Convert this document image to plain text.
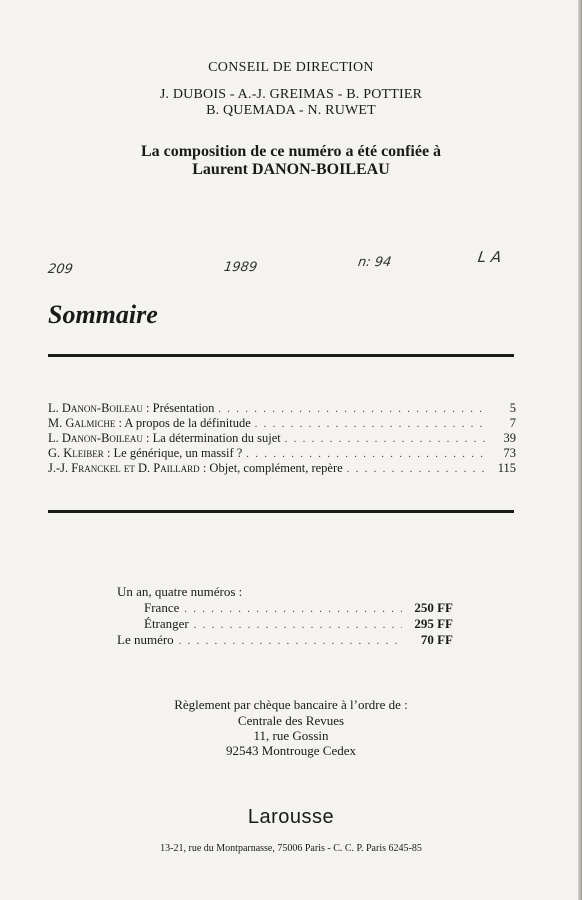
CONSEIL DE DIRECTION
J. DUBOIS - A.-J. GREIMAS - B. POTTIER
B. QUEMADA - N. RUWET
La composition de ce numéro a été confiée à
Laurent DANON-BOILEAU
209	1989	n: 94	L A
Sommaire
L. Danon-Boileau : Présentation . . .	5
M. Galmiche : A propos de la définitude . . .	7
L. Danon-Boileau : La détermination du sujet . . .	39
G. Kleiber : Le générique, un massif ? . . .	73
J.-J. Franckel et D. Paillard : Objet, complément, repère . . .	115
Un an, quatre numéros :
France . . .	250 FF
Étranger . . .	295 FF
Le numéro . . .	70 FF
Règlement par chèque bancaire à l’ordre de :
Centrale des Revues
11, rue Gossin
92543 Montrouge Cedex
Larousse
13-21, rue du Montparnasse, 75006 Paris - C. C. P. Paris 6245-85
